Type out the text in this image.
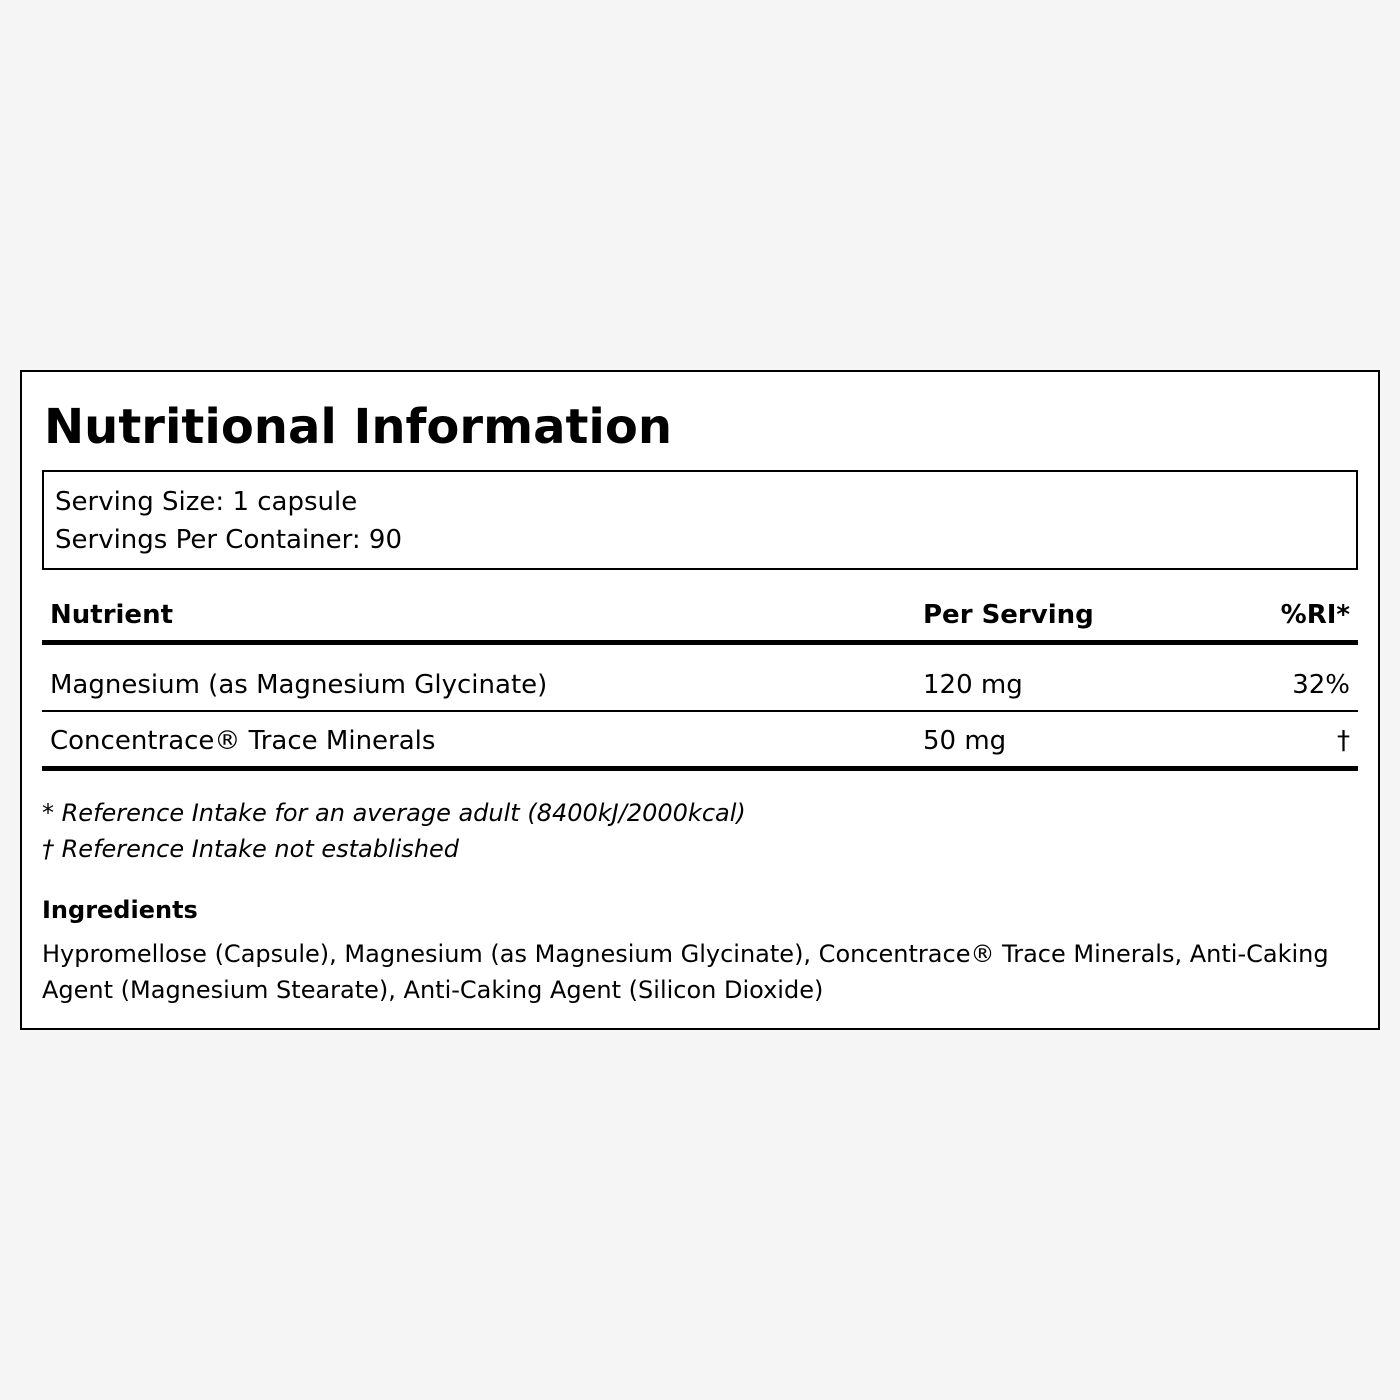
Nutritional Information
Serving Size: 1 capsule
Servings Per Container: 90
Nutrient	Per Serving	%RI*
Magnesium (as Magnesium Glycinate)	120 mg	32%
Concentrace® Trace Minerals	50 mg	†
* Reference Intake for an average adult (8400kJ/2000kcal)
† Reference Intake not established
Ingredients
Hypromellose (Capsule), Magnesium (as Magnesium Glycinate), Concentrace® Trace Minerals, Anti-Caking Agent (Magnesium Stearate), Anti-Caking Agent (Silicon Dioxide)
